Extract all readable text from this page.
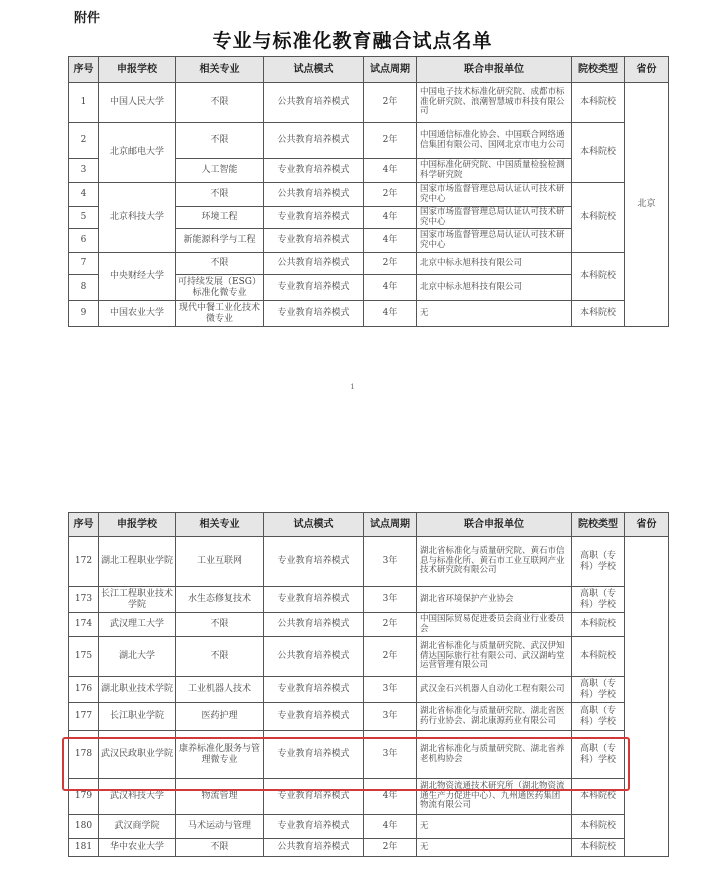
附件
专业与标准化教育融合试点名单
序号	申报学校	相关专业	试点模式	试点周期	联合申报单位	院校类型	省份
1	中国人民大学	不限	公共教育培养模式	2年	中国电子技术标准化研究院、成都市标准化研究院、浪潮智慧城市科技有限公司	本科院校	北京
2	北京邮电大学	不限	公共教育培养模式	2年	中国通信标准化协会、中国联合网络通信集团有限公司、国网北京市电力公司	本科院校	
3		人工智能	专业教育培养模式	4年	中国标准化研究院、中国质量检验检测科学研究院		
4	北京科技大学	不限	公共教育培养模式	2年	国家市场监督管理总局认证认可技术研究中心	本科院校	
5		环境工程	专业教育培养模式	4年	国家市场监督管理总局认证认可技术研究中心		
6		新能源科学与工程	专业教育培养模式	4年	国家市场监督管理总局认证认可技术研究中心		
7	中央财经大学	不限	公共教育培养模式	2年	北京中标永旭科技有限公司	本科院校	
8		可持续发展（ESG）标准化微专业	专业教育培养模式	4年	北京中标永旭科技有限公司		
9	中国农业大学	现代中餐工业化技术微专业	专业教育培养模式	4年	无	本科院校	
1
序号	申报学校	相关专业	试点模式	试点周期	联合申报单位	院校类型	省份
172	湖北工程职业学院	工业互联网	专业教育培养模式	3年	湖北省标准化与质量研究院、黄石市信息与标准化所、黄石市工业互联网产业技术研究院有限公司	高职（专科）学校	
173	长江工程职业技术学院	水生态修复技术	专业教育培养模式	3年	湖北省环境保护产业协会	高职（专科）学校	
174	武汉理工大学	不限	公共教育培养模式	2年	中国国际贸易促进委员会商业行业委员会	本科院校	
175	湖北大学	不限	公共教育培养模式	2年	湖北省标准化与质量研究院、武汉伊知倩达国际旅行社有限公司、武汉湖屿堂运营管理有限公司	本科院校	
176	湖北职业技术学院	工业机器人技术	专业教育培养模式	3年	武汉金石兴机器人自动化工程有限公司	高职（专科）学校	
177	长江职业学院	医药护理	专业教育培养模式	3年	湖北省标准化与质量研究院、湖北省医药行业协会、湖北康源药业有限公司	高职（专科）学校	
178	武汉民政职业学院	康养标准化服务与管理微专业	专业教育培养模式	3年	湖北省标准化与质量研究院、湖北省养老机构协会	高职（专科）学校	
179	武汉科技大学	物流管理	专业教育培养模式	4年	湖北物资流通技术研究所（湖北物资流通生产力促进中心）、九州通医药集团物流有限公司	本科院校	
180	武汉商学院	马术运动与管理	专业教育培养模式	4年	无	本科院校	
181	华中农业大学	不限	公共教育培养模式	2年	无	本科院校	
